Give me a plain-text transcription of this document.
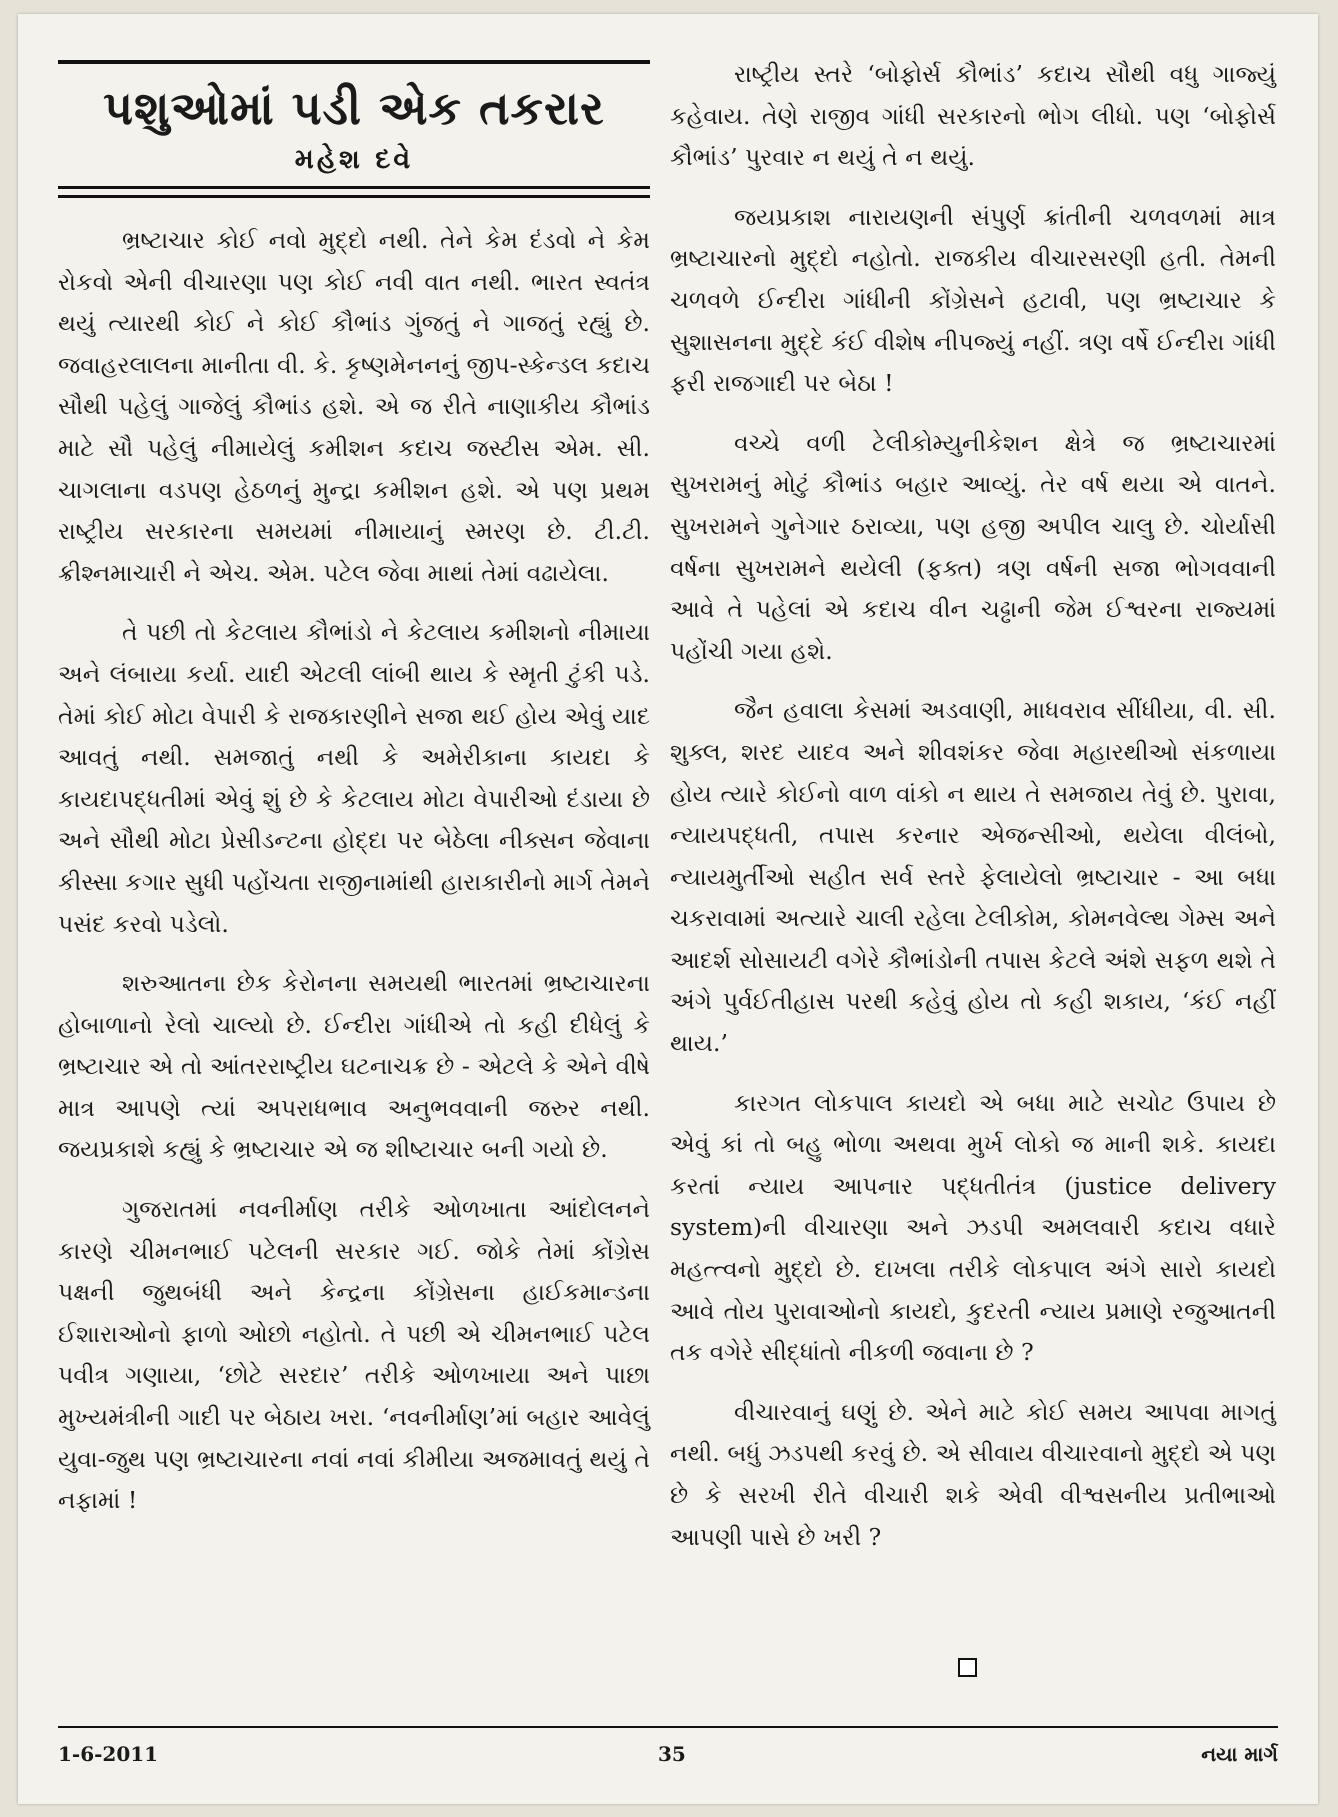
પશુઓમાં પડી એક તકરાર
મહેશ દવે

ભ્રષ્ટાચાર કોઈ નવો મુદ્દો નથી. તેને કેમ દંડવો ને કેમ રોકવો એની વીચારણા પણ કોઈ નવી વાત નથી. ભારત સ્વતંત્ર થયું ત્યારથી કોઈ ને કોઈ કૌભાંડ ગુંજતું ને ગાજતું રહ્યું છે. જવાહરલાલના માનીતા વી. કે. કૃષ્ણમેનનનું જીપ-સ્કેન્ડલ કદાચ સૌથી પહેલું ગાજેલું કૌભાંડ હશે. એ જ રીતે નાણાકીય કૌભાંડ માટે સૌ પહેલું નીમાયેલું કમીશન કદાચ જસ્ટીસ એમ. સી. ચાગલાના વડપણ હેઠળનું મુન્દ્રા કમીશન હશે. એ પણ પ્રથમ રાષ્ટ્રીય સરકારના સમયમાં નીમાયાનું સ્મરણ છે. ટી.ટી. ક્રીશ્નમાચારી ને એચ. એમ. પટેલ જેવા માથાં તેમાં વઢાયેલા.

તે પછી તો કેટલાય કૌભાંડો ને કેટલાય કમીશનો નીમાયા અને લંબાયા કર્યા. યાદી એટલી લાંબી થાય કે સ્મૃતી ટુંકી પડે. તેમાં કોઈ મોટા વેપારી કે રાજકારણીને સજા થઈ હોય એવું યાદ આવતું નથી. સમજાતું નથી કે અમેરીકાના કાયદા કે કાયદાપદ્ધતીમાં એવું શું છે કે કેટલાય મોટા વેપારીઓ દંડાયા છે અને સૌથી મોટા પ્રેસીડન્ટના હોદ્દા પર બેઠેલા નીક્સન જેવાના કીસ્સા કગાર સુધી પહોંચતા રાજીનામાંથી હારાકારીનો માર્ગ તેમને પસંદ કરવો પડેલો.

શરુઆતના છેક કેરોનના સમયથી ભારતમાં ભ્રષ્ટાચારના હોબાળાનો રેલો ચાલ્યો છે. ઈન્દીરા ગાંધીએ તો કહી દીધેલું કે ભ્રષ્ટાચાર એ તો આંતરરાષ્ટ્રીય ઘટનાચક્ર છે - એટલે કે એને વીષે માત્ર આપણે ત્યાં અપરાધભાવ અનુભવવાની જરુર નથી. જયપ્રકાશે કહ્યું કે ભ્રષ્ટાચાર એ જ શીષ્ટાચાર બની ગયો છે.

ગુજરાતમાં નવનીર્માણ તરીકે ઓળખાતા આંદોલનને કારણે ચીમનભાઈ પટેલની સરકાર ગઈ. જોકે તેમાં કોંગ્રેસ પક્ષની જુથબંધી અને કેન્દ્રના કોંગ્રેસના હાઈકમાન્ડના ઈશારાઓનો ફાળો ઓછો નહોતો. તે પછી એ ચીમનભાઈ પટેલ પવીત્ર ગણાયા, ‘છોટે સરદાર’ તરીકે ઓળખાયા અને પાછા મુખ્યમંત્રીની ગાદી પર બેઠાય ખરા. ‘નવનીર્માણ’માં બહાર આવેલું યુવા-જુથ પણ ભ્રષ્ટાચારના નવાં નવાં કીમીયા અજમાવતું થયું તે નફામાં !

રાષ્ટ્રીય સ્તરે ‘બોફોર્સ કૌભાંડ’ કદાચ સૌથી વધુ ગાજ્યું કહેવાય. તેણે રાજીવ ગાંધી સરકારનો ભોગ લીધો. પણ ‘બોફોર્સ કૌભાંડ’ પુરવાર ન થયું તે ન થયું.

જયપ્રકાશ નારાયણની સંપુર્ણ ક્રાંતીની ચળવળમાં માત્ર ભ્રષ્ટાચારનો મુદ્દો નહોતો. રાજકીય વીચારસરણી હતી. તેમની ચળવળે ઈન્દીરા ગાંધીની કોંગ્રેસને હટાવી, પણ ભ્રષ્ટાચાર કે સુશાસનના મુદ્દે કંઈ વીશેષ નીપજ્યું નહીં. ત્રણ વર્ષે ઈન્દીરા ગાંધી ફરી રાજગાદી પર બેઠા !

વચ્ચે વળી ટેલીકોમ્યુનીકેશન ક્ષેત્રે જ ભ્રષ્ટાચારમાં સુખરામનું મોટું કૌભાંડ બહાર આવ્યું. તેર વર્ષ થયા એ વાતને. સુખરામને ગુનેગાર ઠરાવ્યા, પણ હજી અપીલ ચાલુ છે. ચોર્યાસી વર્ષના સુખરામને થયેલી (ફક્ત) ત્રણ વર્ષની સજા ભોગવવાની આવે તે પહેલાં એ કદાચ વીન ચઢ્ઢાની જેમ ઈશ્વરના રાજ્યમાં પહોંચી ગયા હશે.

જૈન હવાલા કેસમાં અડવાણી, માધવરાવ સીંધીયા, વી. સી. શુક્લ, શરદ યાદવ અને શીવશંકર જેવા મહારથીઓ સંકળાયા હોય ત્યારે કોઈનો વાળ વાંકો ન થાય તે સમજાય તેવું છે. પુરાવા, ન્યાયપદ્ધતી, તપાસ કરનાર એજન્સીઓ, થયેલા વીલંબો, ન્યાયમુર્તીઓ સહીત સર્વ સ્તરે ફેલાયેલો ભ્રષ્ટાચાર - આ બધા ચકરાવામાં અત્યારે ચાલી રહેલા ટેલીકોમ, કોમનવેલ્થ ગેમ્સ અને આદર્શ સોસાયટી વગેરે કૌભાંડોની તપાસ કેટલે અંશે સફળ થશે તે અંગે પુર્વઈતીહાસ પરથી કહેવું હોય તો કહી શકાય, ‘કંઈ નહીં થાય.’

કારગત લોકપાલ કાયદો એ બધા માટે સચોટ ઉપાય છે એવું કાં તો બહુ ભોળા અથવા મુર્ખ લોકો જ માની શકે. કાયદા કરતાં ન્યાય આપનાર પદ્ધતીતંત્ર (justice delivery system)ની વીચારણા અને ઝડપી અમલવારી કદાચ વધારે મહત્ત્વનો મુદ્દો છે. દાખલા તરીકે લોકપાલ અંગે સારો કાયદો આવે તોય પુરાવાઓનો કાયદો, કુદરતી ન્યાય પ્રમાણે રજુઆતની તક વગેરે સીદ્ધાંતો નીકળી જવાના છે ?

વીચારવાનું ઘણું છે. એને માટે કોઈ સમય આપવા માગતું નથી. બધું ઝડપથી કરવું છે. એ સીવાય વીચારવાનો મુદ્દો એ પણ છે કે સરખી રીતે વીચારી શકે એવી વીશ્વસનીય પ્રતીભાઓ આપણી પાસે છે ખરી ?

1-6-2011	35	નયા માર્ગ
